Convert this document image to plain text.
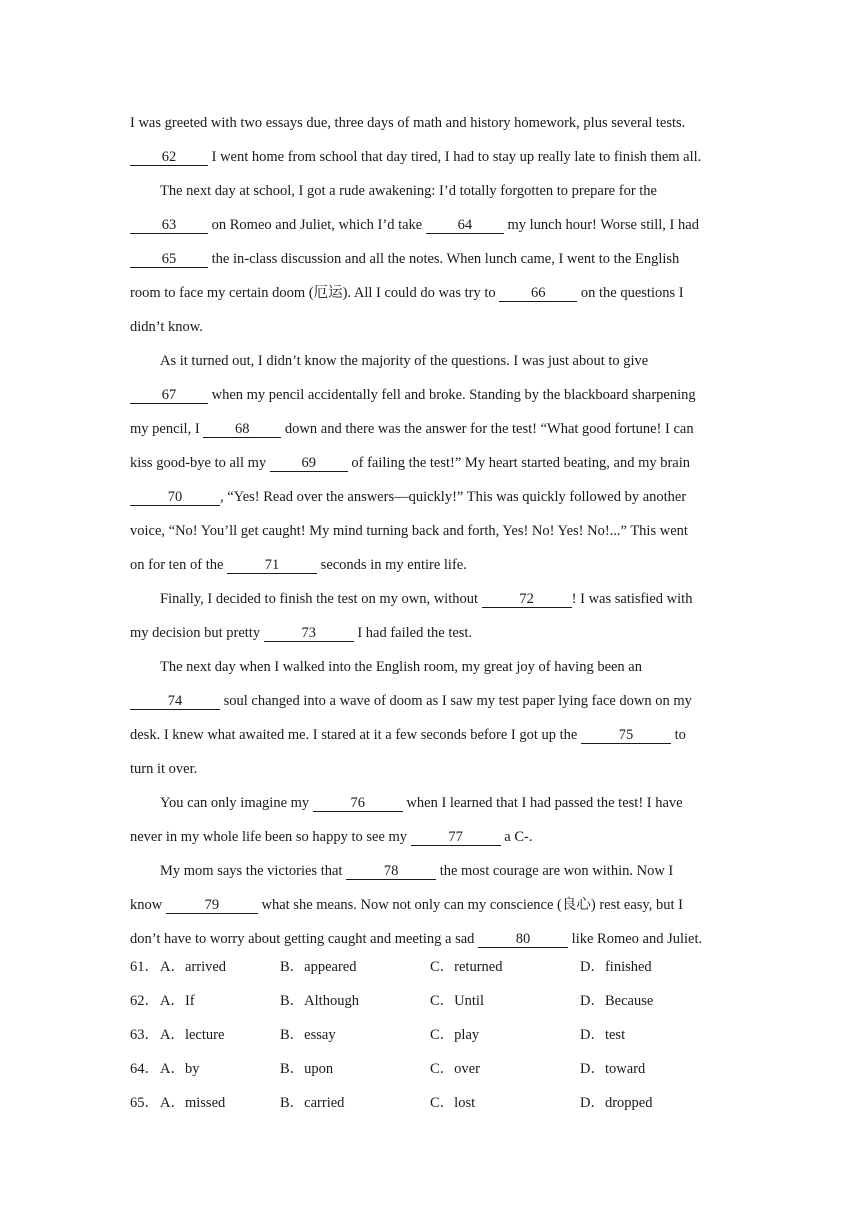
I was greeted with two essays due, three days of math and history homework, plus several tests.
62 I went home from school that day tired, I had to stay up really late to finish them all.
The next day at school, I got a rude awakening: I’d totally forgotten to prepare for the
63 on Romeo and Juliet, which I’d take 64 my lunch hour! Worse still, I had
65 the in-class discussion and all the notes. When lunch came, I went to the English
room to face my certain doom (厄运). All I could do was try to 66 on the questions I
didn’t know.
As it turned out, I didn’t know the majority of the questions. I was just about to give
67 when my pencil accidentally fell and broke. Standing by the blackboard sharpening
my pencil, I 68 down and there was the answer for the test! “What good fortune! I can
kiss good-bye to all my 69 of failing the test!” My heart started beating, and my brain
70	, “Yes! Read over the answers—quickly!” This was quickly followed by another
voice, “No! You’ll get caught! My mind turning back and forth, Yes! No! Yes! No!...” This went
on for ten of the	71	seconds in my entire life.
Finally, I decided to finish the test on my own, without	72	! I was satisfied with
my decision but pretty	73	I had failed the test.
The next day when I walked into the English room, my great joy of having been an
74	soul changed into a wave of doom as I saw my test paper lying face down on my
desk. I knew what awaited me. I stared at it a few seconds before I got up the	75	to
turn it over.
You can only imagine my	76	when I learned that I had passed the test! I have
never in my whole life been so happy to see my	77	a C-.
My mom says the victories that	78	the most courage are won within. Now I
know	79	what she means. Now not only can my conscience (良心) rest easy, but I
don’t have to worry about getting caught and meeting a sad	80	like Romeo and Juliet.
61． A．arrived	B．appeared	C．returned	D．finished
62． A．If	B．Although	C．Until	D．Because
63． A．lecture	B．essay	C．play	D．test
64． A．by	B．upon	C．over	D．toward
65． A．missed	B．carried	C．lost	D．dropped
